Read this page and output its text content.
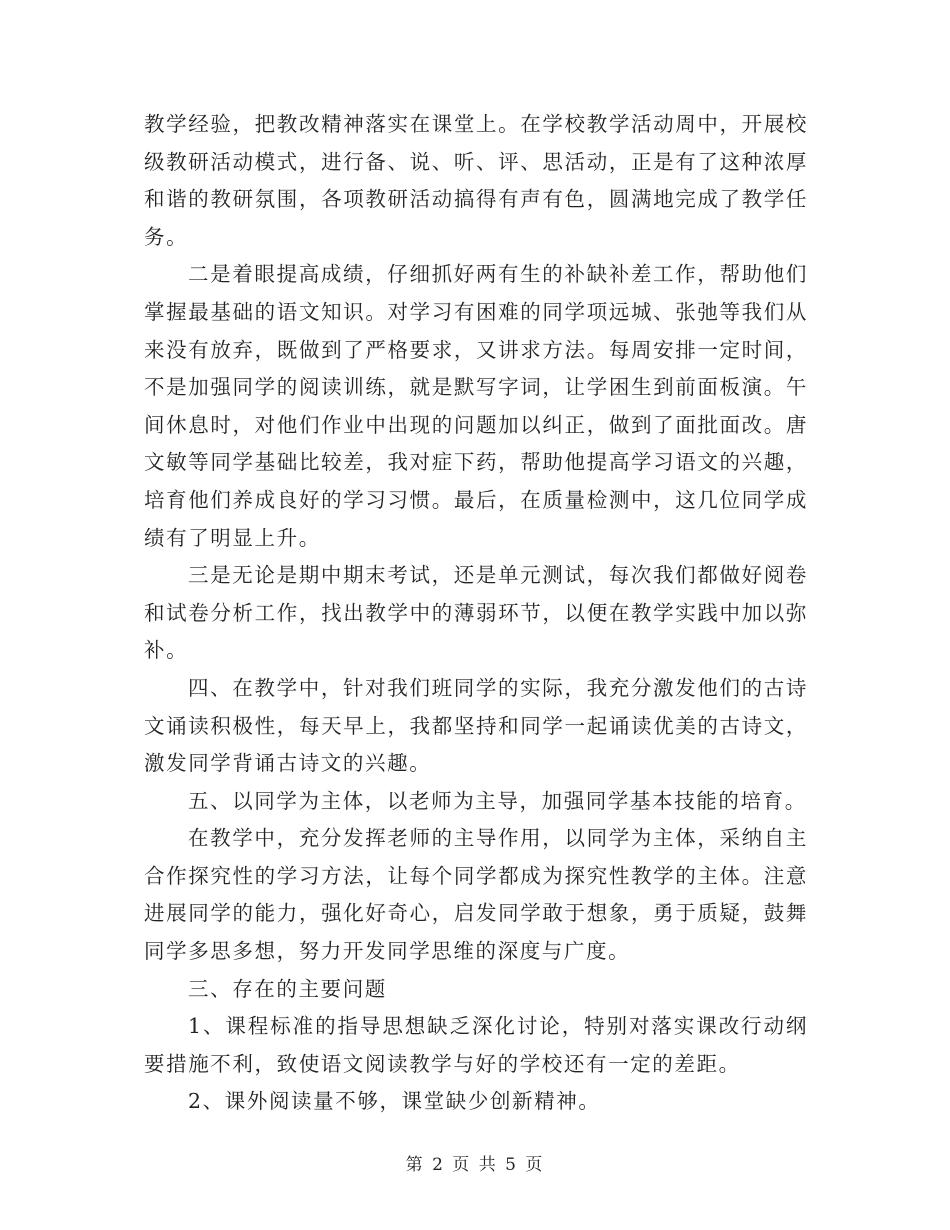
教学经验，把教改精神落实在课堂上。在学校教学活动周中，开展校级教研活动模式，进行备、说、听、评、思活动，正是有了这种浓厚和谐的教研氛围，各项教研活动搞得有声有色，圆满地完成了教学任务。

二是着眼提高成绩，仔细抓好两有生的补缺补差工作，帮助他们掌握最基础的语文知识。对学习有困难的同学项远城、张弛等我们从来没有放弃，既做到了严格要求，又讲求方法。每周安排一定时间，不是加强同学的阅读训练，就是默写字词，让学困生到前面板演。午间休息时，对他们作业中出现的问题加以纠正，做到了面批面改。唐文敏等同学基础比较差，我对症下药，帮助他提高学习语文的兴趣，培育他们养成良好的学习习惯。最后，在质量检测中，这几位同学成绩有了明显上升。

三是无论是期中期末考试，还是单元测试，每次我们都做好阅卷和试卷分析工作，找出教学中的薄弱环节，以便在教学实践中加以弥补。

四、在教学中，针对我们班同学的实际，我充分激发他们的古诗文诵读积极性，每天早上，我都坚持和同学一起诵读优美的古诗文，激发同学背诵古诗文的兴趣。

五、以同学为主体，以老师为主导，加强同学基本技能的培育。

在教学中，充分发挥老师的主导作用，以同学为主体，采纳自主合作探究性的学习方法，让每个同学都成为探究性教学的主体。注意进展同学的能力，强化好奇心，启发同学敢于想象，勇于质疑，鼓舞同学多思多想，努力开发同学思维的深度与广度。

三、存在的主要问题

1、课程标准的指导思想缺乏深化讨论，特别对落实课改行动纲要措施不利，致使语文阅读教学与好的学校还有一定的差距。

2、课外阅读量不够，课堂缺少创新精神。

第 2 页 共 5 页
